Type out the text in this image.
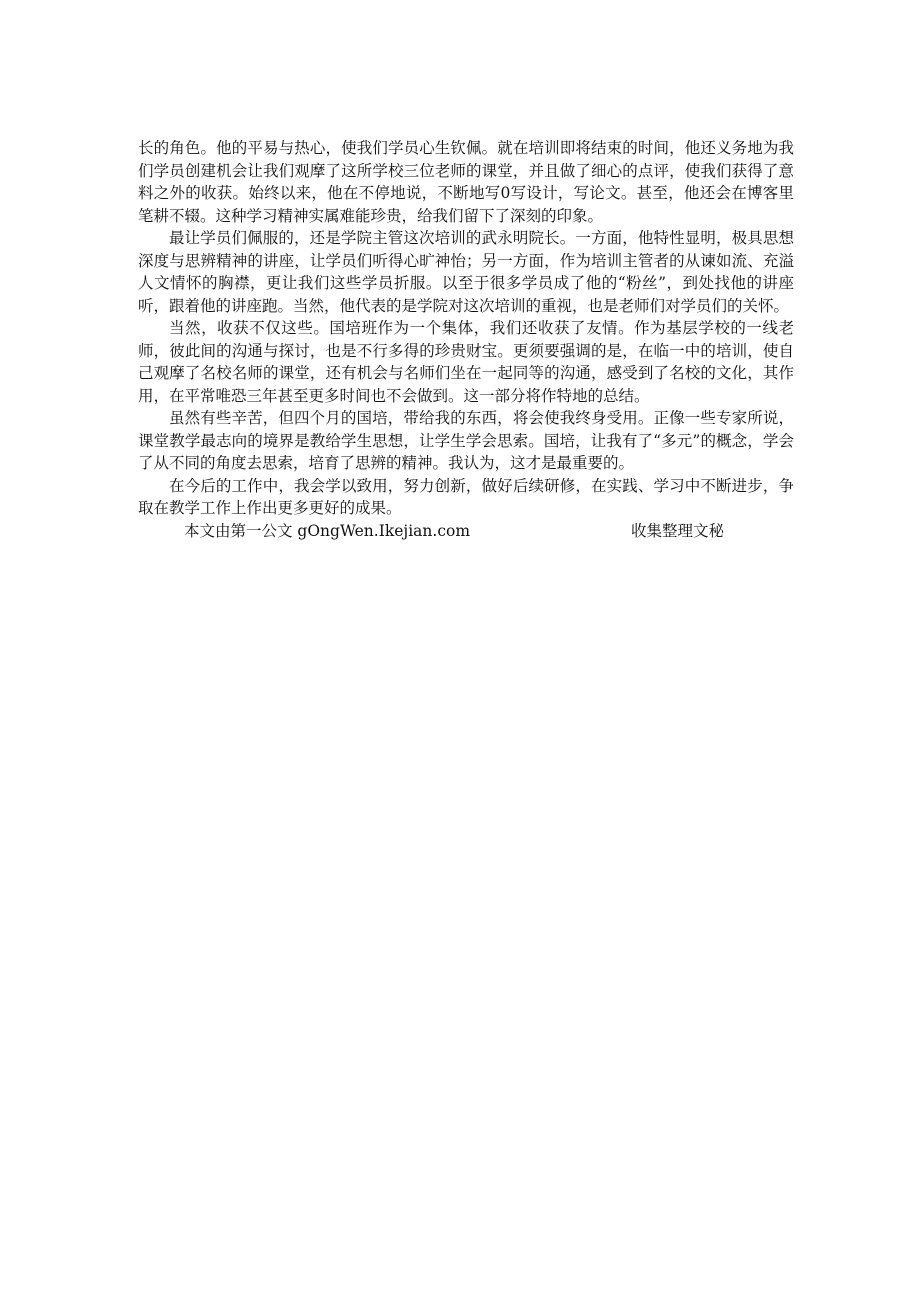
长的角色。他的平易与热心，使我们学员心生钦佩。就在培训即将结束的时间，他还义务地为我们学员创建机会让我们观摩了这所学校三位老师的课堂，并且做了细心的点评，使我们获得了意料之外的收获。始终以来，他在不停地说，不断地写0写设计，写论文。甚至，他还会在博客里笔耕不辍。这种学习精神实属难能珍贵，给我们留下了深刻的印象。

最让学员们佩服的，还是学院主管这次培训的武永明院长。一方面，他特性显明，极具思想深度与思辨精神的讲座，让学员们听得心旷神怡；另一方面，作为培训主管者的从谏如流、充溢人文情怀的胸襟，更让我们这些学员折服。以至于很多学员成了他的“粉丝”，到处找他的讲座听，跟着他的讲座跑。当然，他代表的是学院对这次培训的重视，也是老师们对学员们的关怀。

当然，收获不仅这些。国培班作为一个集体，我们还收获了友情。作为基层学校的一线老师，彼此间的沟通与探讨，也是不行多得的珍贵财宝。更须要强调的是，在临一中的培训，使自己观摩了名校名师的课堂，还有机会与名师们坐在一起同等的沟通，感受到了名校的文化，其作用，在平常唯恐三年甚至更多时间也不会做到。这一部分将作特地的总结。

虽然有些辛苦，但四个月的国培，带给我的东西，将会使我终身受用。正像一些专家所说，课堂教学最志向的境界是教给学生思想，让学生学会思索。国培，让我有了“多元”的概念，学会了从不同的角度去思索，培育了思辨的精神。我认为，这才是最重要的。

在今后的工作中，我会学以致用，努力创新，做好后续研修，在实践、学习中不断进步，争取在教学工作上作出更多更好的成果。

本文由第一公文 gOngWen.Ikejian.com	收集整理文秘
